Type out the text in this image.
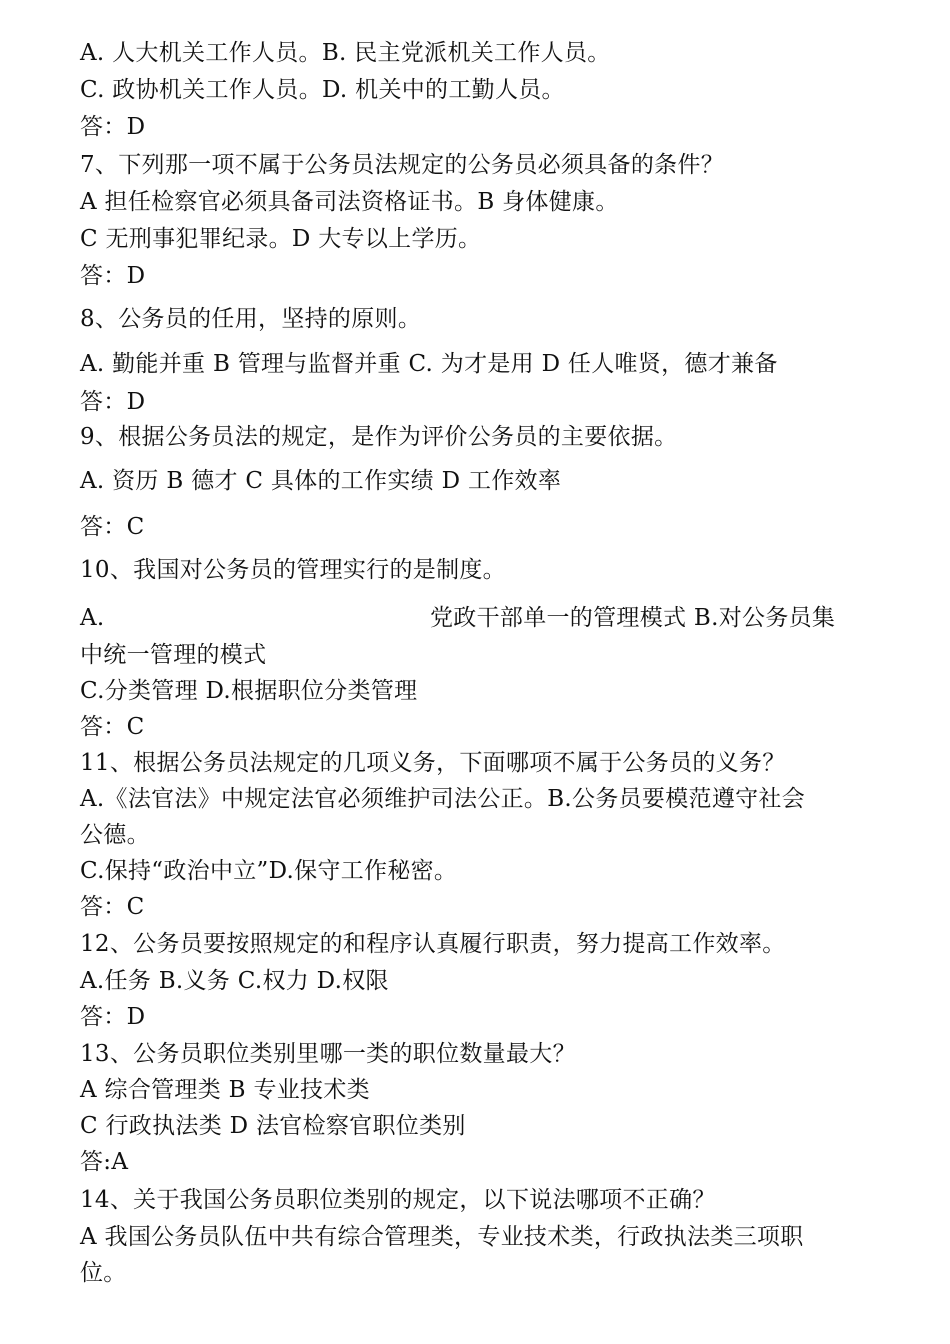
A. 人大机关工作人员。B. 民主党派机关工作人员。
C. 政协机关工作人员。D. 机关中的工勤人员。
答：D
7、下列那一项不属于公务员法规定的公务员必须具备的条件？
A 担任检察官必须具备司法资格证书。B 身体健康。
C 无刑事犯罪纪录。D 大专以上学历。
答：D
8、公务员的任用，坚持的原则。
A. 勤能并重 B 管理与监督并重 C. 为才是用 D 任人唯贤，德才兼备
答：D
9、根据公务员法的规定，是作为评价公务员的主要依据。
A. 资历 B 德才 C 具体的工作实绩 D 工作效率
答：C
10、我国对公务员的管理实行的是制度。
A.	党政干部单一的管理模式 B.对公务员集
中统一管理的模式
C.分类管理 D.根据职位分类管理
答：C
11、根据公务员法规定的几项义务，下面哪项不属于公务员的义务？
A.《法官法》中规定法官必须维护司法公正。B.公务员要模范遵守社会
公德。
C.保持“政治中立”D.保守工作秘密。
答：C
12、公务员要按照规定的和程序认真履行职责，努力提高工作效率。
A.任务 B.义务 C.权力 D.权限
答：D
13、公务员职位类别里哪一类的职位数量最大？
A 综合管理类 B 专业技术类
C 行政执法类 D 法官检察官职位类别
答:A
14、关于我国公务员职位类别的规定，以下说法哪项不正确？
A 我国公务员队伍中共有综合管理类，专业技术类，行政执法类三项职
位。
